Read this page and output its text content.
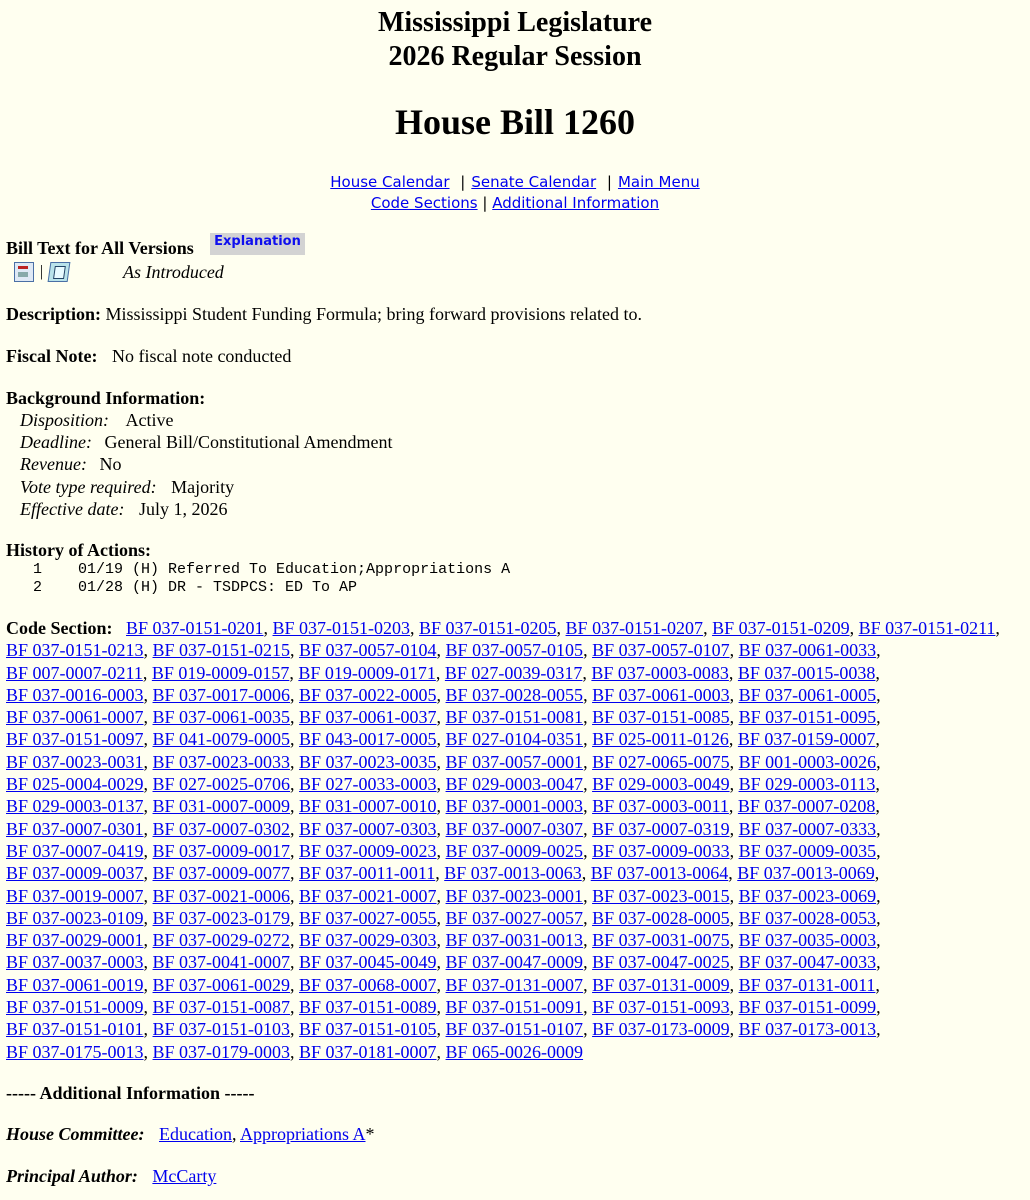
Mississippi Legislature
2026 Regular Session
House Bill 1260
House Calendar | Senate Calendar | Main Menu
Code Sections | Additional Information
Bill Text for All Versions	Explanation
|	As Introduced
Description: Mississippi Student Funding Formula; bring forward provisions related to.
Fiscal Note: No fiscal note conducted
Background Information:
Disposition: Active
Deadline: General Bill/Constitutional Amendment
Revenue: No
Vote type required: Majority
Effective date: July 1, 2026
History of Actions:
1    01/19 (H) Referred To Education;Appropriations A
2    01/28 (H) DR - TSDPCS: ED To AP
Code Section: BF 037-0151-0201, BF 037-0151-0203, BF 037-0151-0205, BF 037-0151-0207, BF 037-0151-0209, BF 037-0151-0211, BF 037-0151-0213, BF 037-0151-0215, BF 037-0057-0104, BF 037-0057-0105, BF 037-0057-0107, BF 037-0061-0033, BF 007-0007-0211, BF 019-0009-0157, BF 019-0009-0171, BF 027-0039-0317, BF 037-0003-0083, BF 037-0015-0038, BF 037-0016-0003, BF 037-0017-0006, BF 037-0022-0005, BF 037-0028-0055, BF 037-0061-0003, BF 037-0061-0005, BF 037-0061-0007, BF 037-0061-0035, BF 037-0061-0037, BF 037-0151-0081, BF 037-0151-0085, BF 037-0151-0095, BF 037-0151-0097, BF 041-0079-0005, BF 043-0017-0005, BF 027-0104-0351, BF 025-0011-0126, BF 037-0159-0007, BF 037-0023-0031, BF 037-0023-0033, BF 037-0023-0035, BF 037-0057-0001, BF 027-0065-0075, BF 001-0003-0026, BF 025-0004-0029, BF 027-0025-0706, BF 027-0033-0003, BF 029-0003-0047, BF 029-0003-0049, BF 029-0003-0113, BF 029-0003-0137, BF 031-0007-0009, BF 031-0007-0010, BF 037-0001-0003, BF 037-0003-0011, BF 037-0007-0208, BF 037-0007-0301, BF 037-0007-0302, BF 037-0007-0303, BF 037-0007-0307, BF 037-0007-0319, BF 037-0007-0333, BF 037-0007-0419, BF 037-0009-0017, BF 037-0009-0023, BF 037-0009-0025, BF 037-0009-0033, BF 037-0009-0035, BF 037-0009-0037, BF 037-0009-0077, BF 037-0011-0011, BF 037-0013-0063, BF 037-0013-0064, BF 037-0013-0069, BF 037-0019-0007, BF 037-0021-0006, BF 037-0021-0007, BF 037-0023-0001, BF 037-0023-0015, BF 037-0023-0069, BF 037-0023-0109, BF 037-0023-0179, BF 037-0027-0055, BF 037-0027-0057, BF 037-0028-0005, BF 037-0028-0053, BF 037-0029-0001, BF 037-0029-0272, BF 037-0029-0303, BF 037-0031-0013, BF 037-0031-0075, BF 037-0035-0003, BF 037-0037-0003, BF 037-0041-0007, BF 037-0045-0049, BF 037-0047-0009, BF 037-0047-0025, BF 037-0047-0033, BF 037-0061-0019, BF 037-0061-0029, BF 037-0068-0007, BF 037-0131-0007, BF 037-0131-0009, BF 037-0131-0011, BF 037-0151-0009, BF 037-0151-0087, BF 037-0151-0089, BF 037-0151-0091, BF 037-0151-0093, BF 037-0151-0099, BF 037-0151-0101, BF 037-0151-0103, BF 037-0151-0105, BF 037-0151-0107, BF 037-0173-0009, BF 037-0173-0013, BF 037-0175-0013, BF 037-0179-0003, BF 037-0181-0007, BF 065-0026-0009
----- Additional Information -----
House Committee: Education, Appropriations A*
Principal Author: McCarty
